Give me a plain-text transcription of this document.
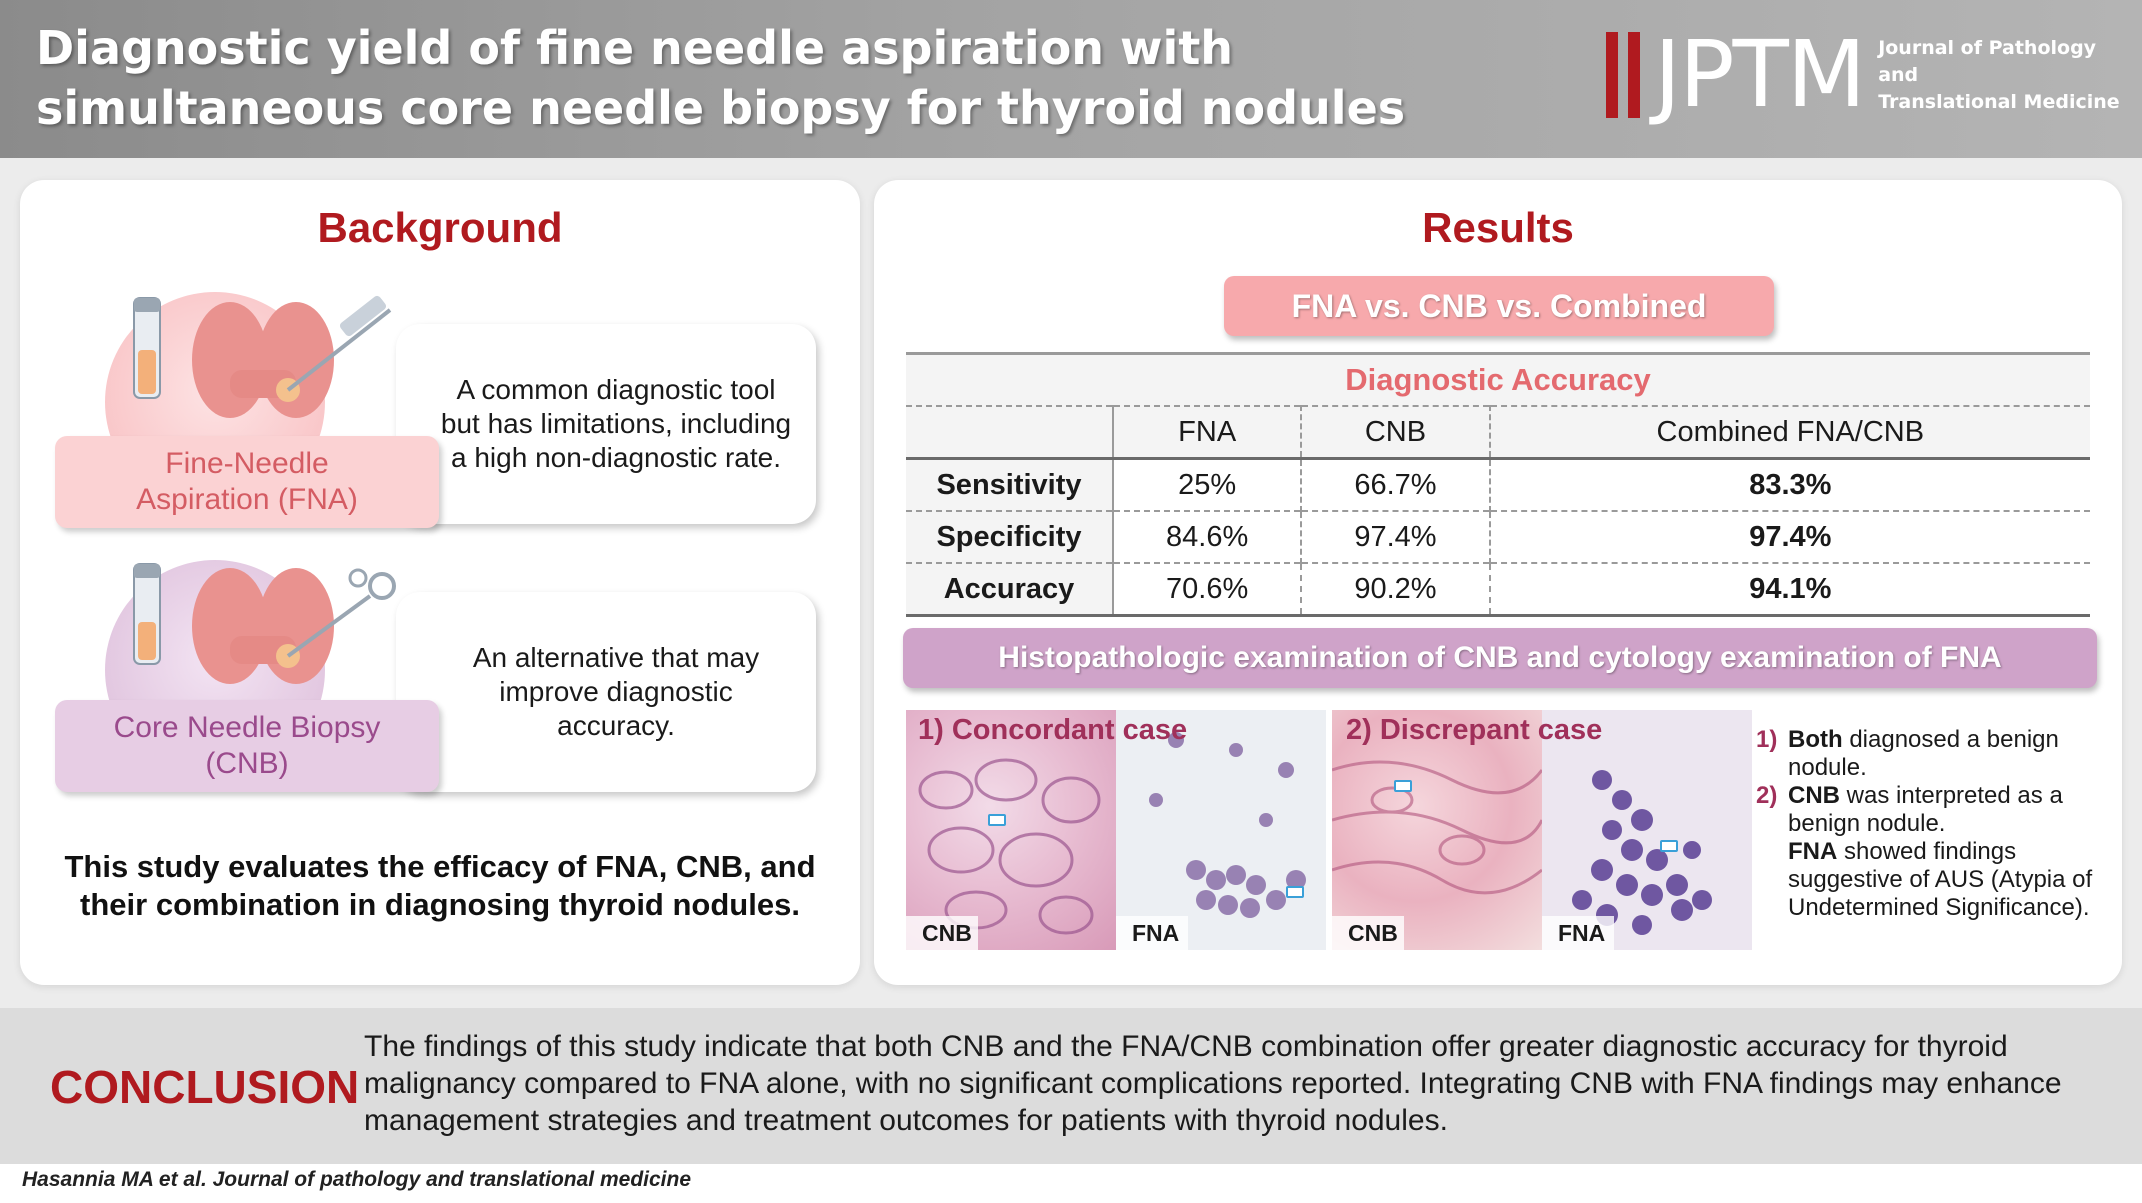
Diagnostic yield of fine needle aspiration with simultaneous core needle biopsy for thyroid nodules	JPTM Journal of Pathology and
Translational Medicine
Background
A common diagnostic tool but has limitations, including a high non-diagnostic rate.
Fine-Needle Aspiration (FNA)
An alternative that may improve diagnostic accuracy.
Core Needle Biopsy (CNB)
This study evaluates the efficacy of FNA, CNB, and their combination in diagnosing thyroid nodules.
Results
FNA vs. CNB vs. Combined
Diagnostic Accuracy			
	FNA	CNB	Combined FNA/CNB
Sensitivity	25%	66.7%	83.3%
Specificity	84.6%	97.4%	97.4%
Accuracy	70.6%	90.2%	94.1%
Histopathologic examination of CNB and cytology examination of FNA
CNB	FNA	CNB	FNA
1) Concordant case	2) Discrepant case	1) Both diagnosed a benign nodule.
2) CNB was interpreted as a benign nodule.
FNA showed findings suggestive of AUS (Atypia of Undetermined Significance).
CONCLUSION
The findings of this study indicate that both CNB and the FNA/CNB combination offer greater diagnostic accuracy for thyroid malignancy compared to FNA alone, with no significant complications reported. Integrating CNB with FNA findings may enhance management strategies and treatment outcomes for patients with thyroid nodules.
Hasannia MA et al. Journal of pathology and translational medicine
